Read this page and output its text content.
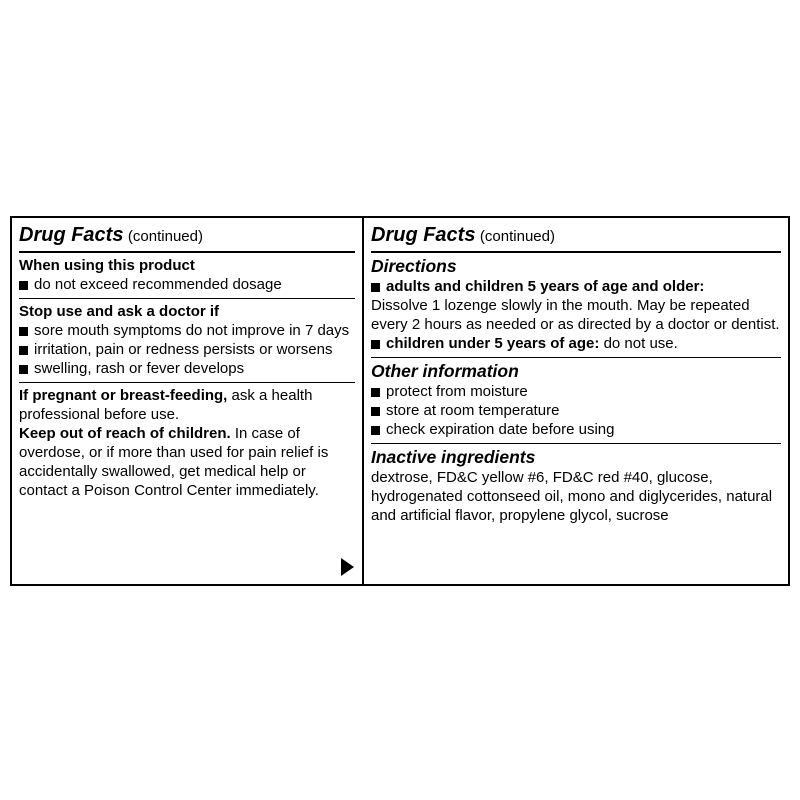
Drug Facts (continued)
When using this product
do not exceed recommended dosage
Stop use and ask a doctor if
sore mouth symptoms do not improve in 7 days
irritation, pain or redness persists or worsens
swelling, rash or fever develops

If pregnant or breast-feeding, ask a health professional before use.

Keep out of reach of children. In case of overdose, or if more than used for pain relief is accidentally swallowed, get medical help or contact a Poison Control Center immediately.

Drug Facts (continued)
Directions
adults and children 5 years of age and older:

Dissolve 1 lozenge slowly in the mouth. May be repeated every 2 hours as needed or as directed by a doctor or dentist.

children under 5 years of age: do not use.
Other information
protect from moisture
store at room temperature
check expiration date before using
Inactive ingredients

dextrose, FD&C yellow #6, FD&C red #40, glucose, hydrogenated cottonseed oil, mono and diglycerides, natural and artificial flavor, propylene glycol, sucrose
